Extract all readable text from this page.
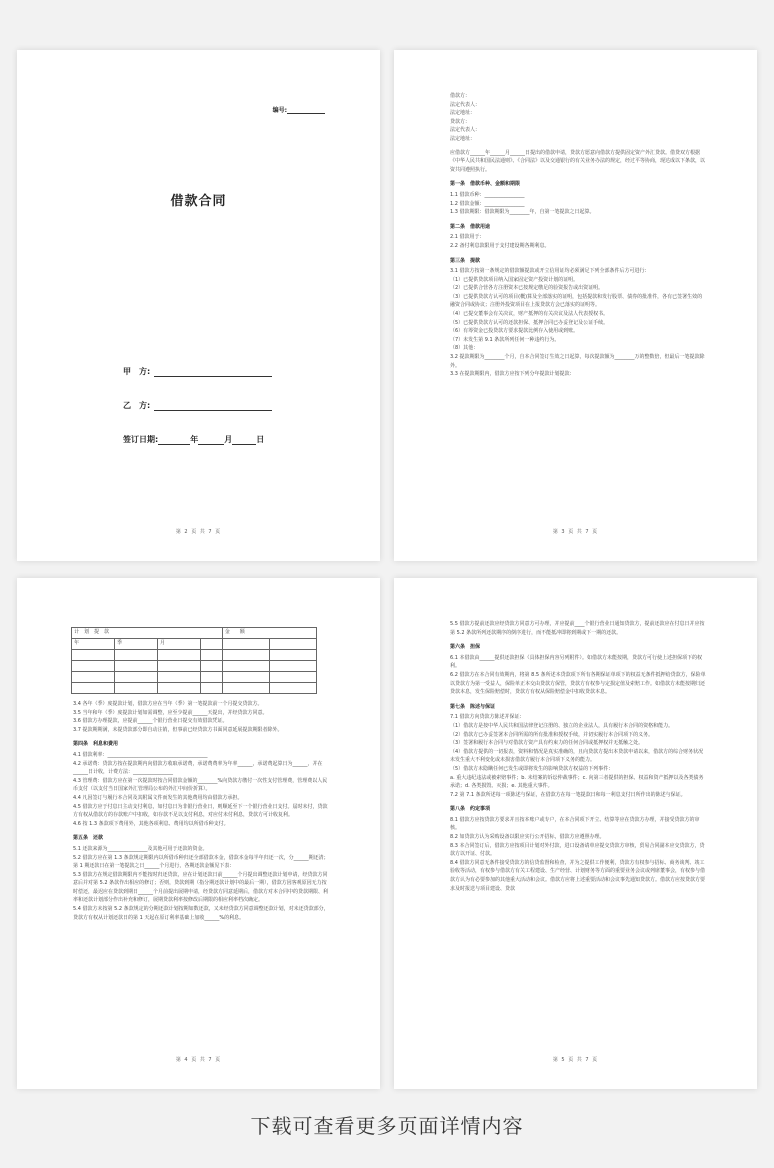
编号:
借款合同
甲　方:
乙　方:
签订日期:	年	月	日
第 2 页 共 7 页

借款方：

法定代表人：

法定地址：

贷款方：

法定代表人：

法定地址：

应借款方______年______月______日提出的借款申请，贷款方愿意向借款方提供固定资产外汇贷款。借贷双方根据《中华人民共和国民法通则》、《合同法》以及交通银行的有关业务办法的规定，经过平等协商，现达成以下条款，以资共同遵照执行。

第一条　借款币种、金额和期限

1.1 借款币种：________________

1.2 借款金额：________________

1.3 借款期限：借款期限为________年，自第一笔提款之日起算。

第二条　借款用途

2.1 借款用于：

2.2 备付利息款限用于支付建设期各期利息。

第三条　提款

3.1 借款方按第一条规定的借款额提款或开立信用证均必须满足下列全部条件后方可进行：

（1）已提供贷款项目纳入国家固定资产投资计划的证明。

（2）已提供合营各方注册资本已按规定缴足的验资报告或出资证明。

（3）已提供贷款方认可的项目(概)算及全部落实的证明，包括提款和发行股票、债券的批准件，各有已签署生效的融资合同或协议；注册外投资项目在上报贷款方会已落实的证明等。

（4）已提交董事会有关决议，财产抵押的有关决议及法人代表授权书。

（5）已提供贷款方认可的还款担保、抵押合同已办妥登记及公证手续。

（6）有筹资金已投贷款方要求提款比例存入使用或到账。

（7）未发生第 9.1 条款所列任何一种违约行为。

（8）其他：

3.2 提款期限为________个月，自本合同签订生效之日起算，每次提款额为________万的整数倍，但最后一笔提款除外。

3.3 在提款期限内，借款方应按下列分年提款计划提款：

第 3 页 共 7 页
计　划　提　款				金　　额	
年	季	月			

3.4 各年（季）度提款计划，借款方应在当年（季）第一笔提款前一个月提交贷款方。

3.5 当年和年（季）度提款计划如需调整，应至少提前______天提出，并经贷款方同意。

3.6 借款方办理提款，应提前______个银行营业日提交有效借款凭证。

3.7 提款期期满，未提贷款部分即自动注销，但事前已经贷款方书面同意延展提款期限者除外。

第四条　利息和费用

4.1 借款利率：________________________________________

4.2 承诺费：贷款方按在提款期内向借款方收取承诺费，承诺费费率为年率______，承诺费起算日为______，并在______日计收，计费方法：________________

4.3 管理费：借款方应在第一次提款时按合同借款金额的________%向贷款方缴付一次性支付管理费，管理费以人民币支付（以支付当日国家外汇管理局公布的外汇中间价折算）。

4.4 凡因签订与履行本合同及其附属文件而发生的其他费用均由借款方承担。

4.5 借款方应于付息日主动支付利息，如付息日为非银行营业日，则顺延至下一个银行营业日支付。届时未付，贷款方有权从借款方的存款账户中扣收，如存款不足以支付利息，对应付未付利息，贷款方可计收复利。

4.6 按 1.3 条款项下费用外，其他各项利息、费用均以所借币种支付。

第五条　还款

5.1 还款来源为________________及其他可用于还款的资金。

5.2 借款方应在第 1.3 条款规定期限内以所借币种归还全部借款本金，借款本金每半年归还一次，分______期还清；第 1 期还款日在第一笔提款之日______个月进行，各期还款金额见下表：

5.3 借款方在规定借款期限内不能按时归还贷款，应在计划还款日前______个月提出调整还款计划申请，经贷款方同意后并对第 5.2 条款作出相应的修订；否则，贷款到期（指分期还款计划中的最后一期），借款方因客观原因无力按时偿还，最迟应在贷款到期日______个月前提出展期申请，经贷款方同意延期后，借款方对本合同中的贷款期限、利率和还款计划部分作出补充和修订，展期贷款利率按修改后期限的相应利率档次确定。

5.4 借款方未按第 5.2 条款规定的分期还款计划按期如数还款，又未经贷款方同意调整还款计划，对未还贷款部分，贷款方有权从计划还款日的第 1 天起在原订利率基础上加收______%的利息。

第 4 页 共 7 页

5.5 借款方提前还款应经贷款方同意方可办理，并应提前____个银行营业日通知贷款方，提前还款应在付息日并应按第 5.2 条款所列还款期序的倒序进行，而不能抵冲即将到期或下一期的还款。

第六条　担保

6.1 本借款由______提供还款担保（具体担保内容另列附件）。如借款方未能按期，贷款方可行使上述担保项下的权利。

6.2 借款方在本合同有效期内，将第 8.5 条所述本贷款项下所有各期保证单项下的权益无条件抵押给贷款方，保险单以贷款方为第一受益人，保险单正本交由贷款方保管，贷款方有权参与定损定值及索赔工作。如借款方未能按期归还贷款本息，发生保险赔偿时，贷款方有权从保险赔偿金中扣收贷款本息。

第七条　陈述与保证

7.1 借款方向贷款方陈述并保证：

（1）借款方是按中华人民共和国法律登记注册的、独立的企业法人，具有履行本合同的资格和能力。

（2）借款方已办妥签署本合同所需的所有批准和授权手续，并切实履行本合同项下的义务。

（3）签署和履行本合同与对借款方资产具有约束力的任何合同或抵押权并无抵触之处。

（4）借款方提供的一切报表，资料和情况是真实准确的，且向贷款方提出本贷款申请以来，借款方的综合财务状况未发生重大不利变化或未损害借款方履行本合同项下义务的能力。

（5）借款方未隐瞒任何已发生或即将发生的影响贷款方权益的下列事件：

a. 重大违纪违法或被索赔事件；b. 未结案的诉讼仲裁事件；c. 向第三者提供的担保、权益和资产抵押以及各类债务承诺；d. 各类损毁、灭损；e. 其他重大事件。

7.2 第 7.1 条款所述每一项陈述与保证，在借款方在每一笔提款日和每一利息支付日所作出的陈述与保证。

第八条　约定事项

8.1 借款方应按贷款方要求并且按本账户或专户，在本合同项下开立、结算等应在贷款方办理，并接受贷款方的审核。

8.2 如贷款方认为采购设备以限应实行公开招标，借款方应遵照办理。

8.3 本合同签订后，借款方应按项目计划对外付款，进口设备请单应提交贷款方审核，贸易合同副本应交贷款方，贷款方以开证、付款。

8.4 借款方同意无条件接受贷款方的信贷监督和检查，并为之提供工作便利，贷款方有权参与招标、商务谈判、竣工验收等活动，有权参与借款方有关工程建设、生产经营、计划财务等方面的重要业务会议或列席董事会，有权参与借款方认为有必要参加的其他重大活动和会议。借款方应将上述重要活动和会议事先通知贷款方。借款方应按贷款方要求及时报送与项目建设、贷款

第 5 页 共 7 页
下载可查看更多页面详情内容
